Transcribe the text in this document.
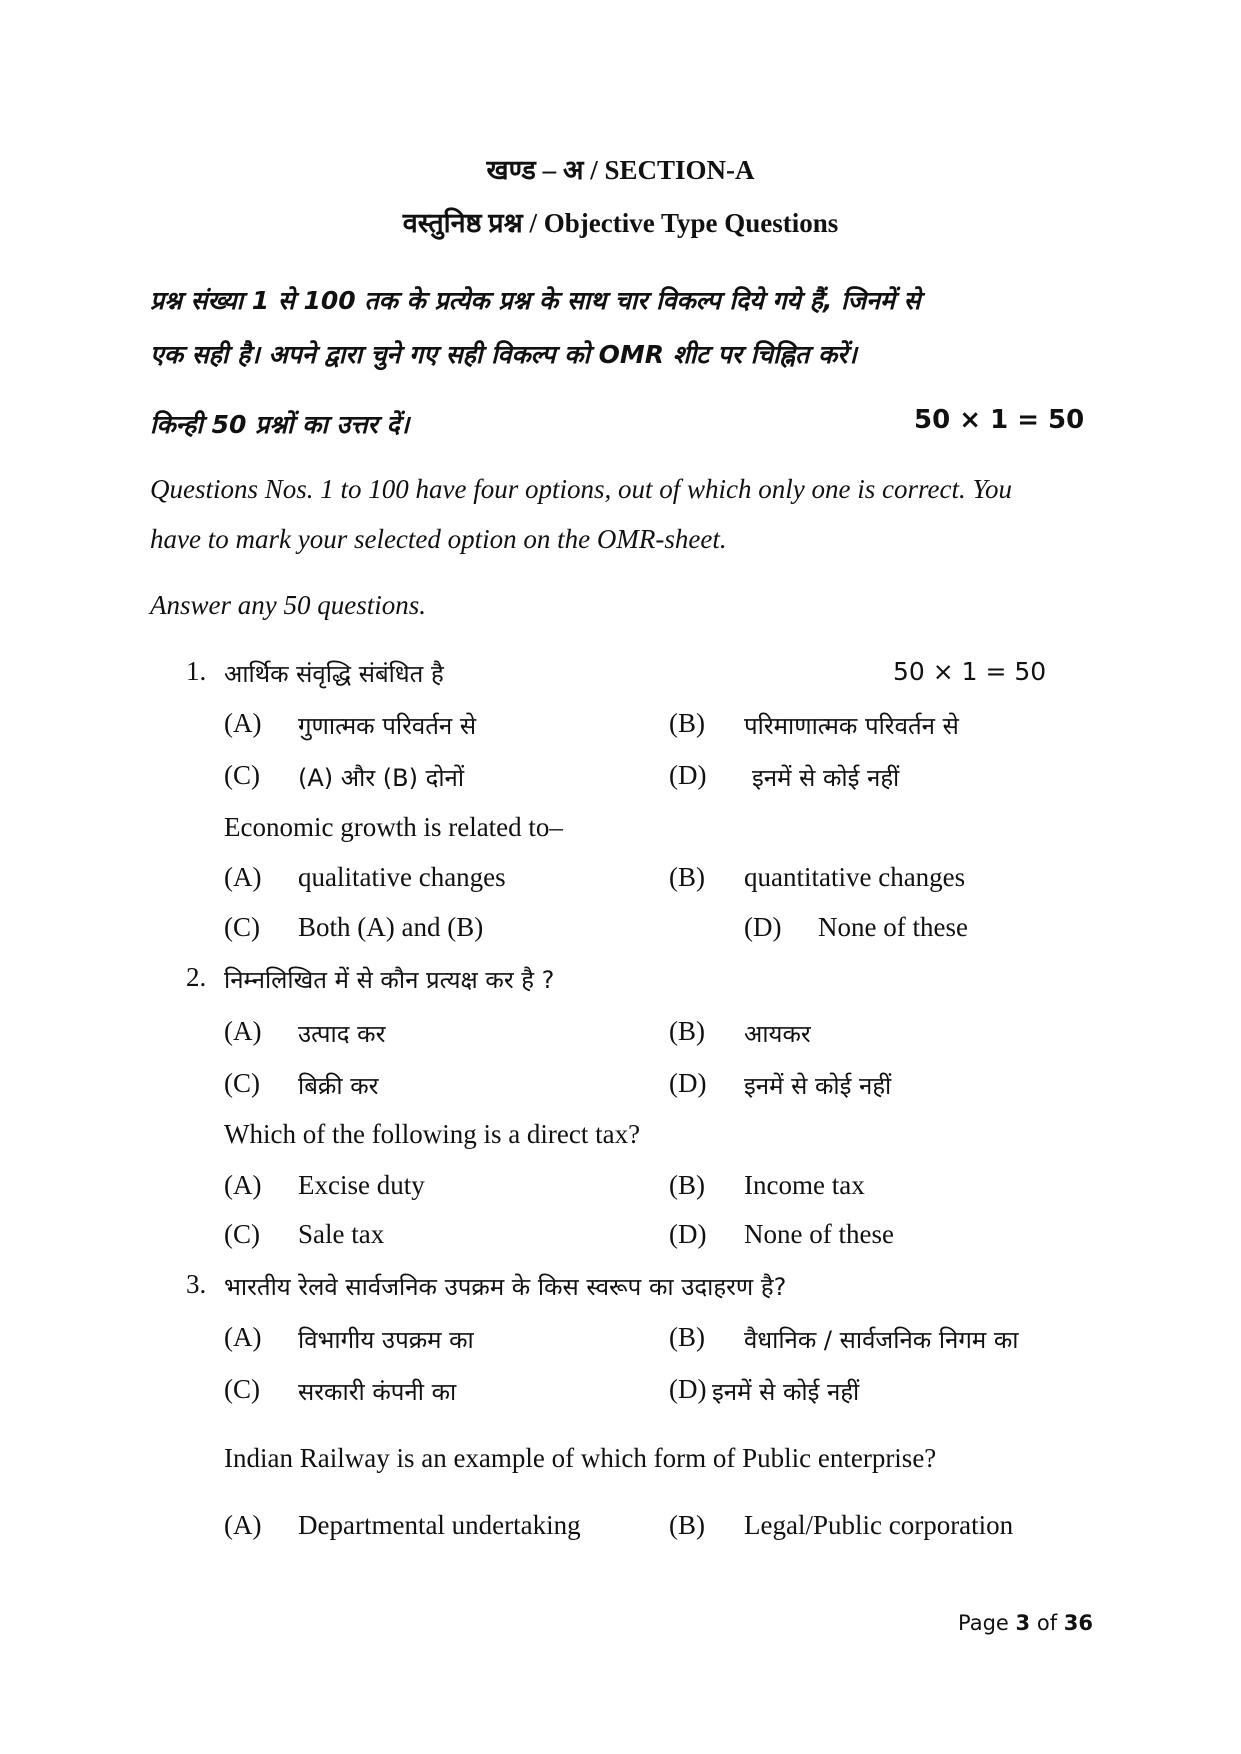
खण्ड – अ / SECTION-A
वस्तुनिष्ठ प्रश्न / Objective Type Questions
प्रश्न संख्या 1 से 100 तक के प्रत्येक प्रश्न के साथ चार विकल्प दिये गये हैं, जिनमें से
एक सही है। अपने द्वारा चुने गए सही विकल्प को OMR शीट पर चिह्नित करें।
किन्ही 50 प्रश्नों का उत्तर दें।	50 × 1 = 50
Questions Nos. 1 to 100 have four options, out of which only one is correct. You
have to mark your selected option on the OMR-sheet.
Answer any 50 questions.
1. आर्थिक संवृद्धि संबंधित है	50 × 1 = 50
(A) गुणात्मक परिवर्तन से	(B) परिमाणात्मक परिवर्तन से
(C) (A) और (B) दोनों	(D) इनमें से कोई नहीं
Economic growth is related to–
(A) qualitative changes	(B) quantitative changes
(C) Both (A) and (B)	(D) None of these
2. निम्नलिखित में से कौन प्रत्यक्ष कर है ?
(A) उत्पाद कर	(B) आयकर
(C) बिक्री कर	(D) इनमें से कोई नहीं
Which of the following is a direct tax?
(A) Excise duty	(B) Income tax
(C) Sale tax	(D) None of these
3. भारतीय रेलवे सार्वजनिक उपक्रम के किस स्वरूप का उदाहरण है?
(A) विभागीय उपक्रम का	(B) वैधानिक / सार्वजनिक निगम का
(C) सरकारी कंपनी का	(D) इनमें से कोई नहीं
Indian Railway is an example of which form of Public enterprise?
(A) Departmental undertaking	(B) Legal/Public corporation
Page 3 of 36
